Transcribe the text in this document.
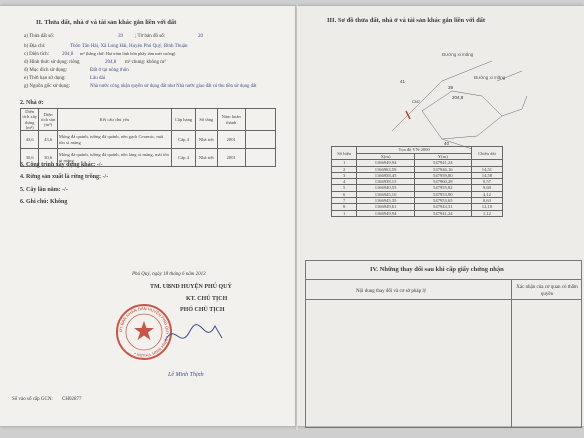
II. Thửa đất, nhà ở và tài sản khác gắn liền với đất
a) Thửa đất số:	39 ; Tờ bản đồ số:	20
b) Địa chỉ:	Thôn Tân Hải, Xã Long Hải, Huyện Phú Quý, Bình Thuận
c) Diện tích:	204,8 m² (bằng chữ: Hai trăm linh bốn phẩy tám mét vuông)
d) Hình thức sử dụng: riêng	204,8 m² chung: không m²
đ) Mục đích sử dụng:	Đất ở tại nông thôn
e) Thời hạn sử dụng:	Lâu dài
g) Nguồn gốc sử dụng:	Nhà nước công nhận quyền sử dụng đất như Nhà nước giao đất có thu tiền sử dụng đất
2. Nhà ở:
Diện tích xây dựng (m²)	Diện tích sàn (m²)	Kết cấu chủ yếu	Cấp hạng	Số tầng	Năm hoàn thành	
43,6	43,6	Móng đá quánh, tường đá quánh, nền gạch Ceramic, mái tôn xi măng	Cấp 4	Nhà trệt	2001	
30,6	30,6	Móng đá quánh, tường đá quánh, nền láng xi măng, mái tôn xi măng	Cấp 4	Nhà trệt	2001	
3. Công trình xây dựng khác: -/-
4. Rừng sản xuất là rừng trồng: -/-
5. Cây lâu năm: -/-
6. Ghi chú: Không
Phú Quý, ngày 18 tháng 6 năm 2013
TM. UBND HUYỆN PHÚ QUÝ
KT. CHỦ TỊCH
PHÓ CHỦ TỊCH
ỦY BAN NHÂN DÂN HUYỆN PHÚ QUÝ • TỈNH BÌNH THUẬN •
Lê Minh Thịnh
Số vào sổ cấp GCN: CH02877
III. Sơ đồ thửa đất, nhà ở và tài sản khác gắn liền với đất
Đường xi măng
Đường xi măng
39
204,8
41
40
CN7
Số hiệu	Tọa độ VN-2000		Chiều dài
	X(m)	Y(m)	
1	1166949,94	547941,24	
2	1166963,59	547946,16	14,51
3	1166958,45	547959,80	14,58
4	1166938,15	547960,28	0,57
5	1166940,55	547955,82	9,60
6	1166945,10	547953,90	4,12
7	1166945,35	547953,65	0,63
8	1166949,61	547943,31	12,10
1	1166949,94	547941,24	1,12
IV. Những thay đổi sau khi cấp giấy chứng nhận
Nội dung thay đổi và cơ sở pháp lý
Xác nhận của cơ quan có thẩm quyền
